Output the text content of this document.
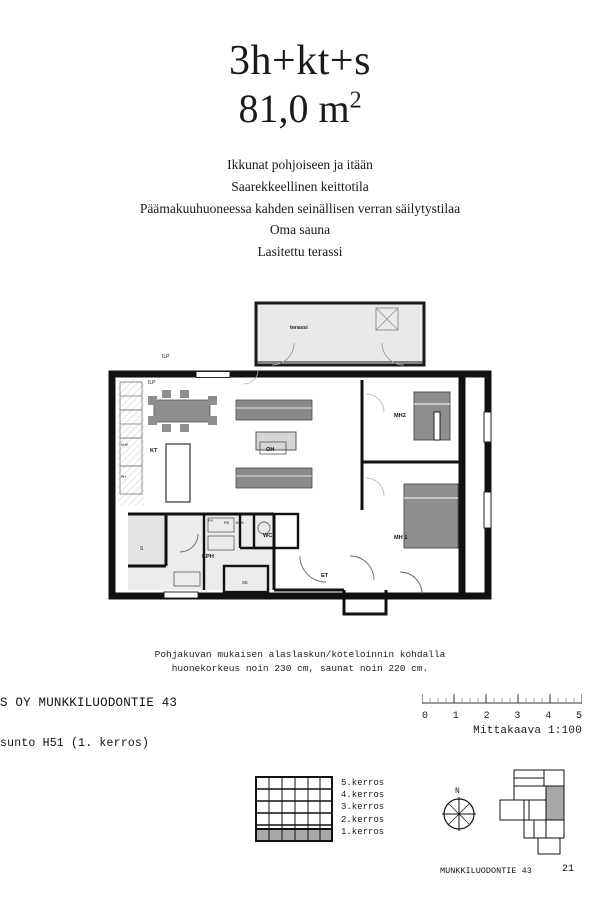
3h+kt+s
81,0 $m^2$
Ikkunat pohjoiseen ja itään
Saarekkeellinen keittotila
Päämakuuhuoneessa kahden seinällisen verran säilytystilaa
Oma sauna
Lasitettu terassi
terassi
ILP
ILP
KT	OH
MH2
MH 1
KPH
WC
ET
S
SK
PY	PK KPK
KHK
PH
Pohjakuvan mukaisen alaslaskun/koteloinnin kohdalla
huonekorkeus noin 230 cm, saunat noin 220 cm.
S OY MUNKKILUODONTIE 43
sunto H51 (1. kerros)
0 1 2 3 4 5
Mittakaava 1:100
5.kerros
4.kerros
3.kerros
2.kerros
1.kerros
N
MUNKKILUODONTIE 43	21
